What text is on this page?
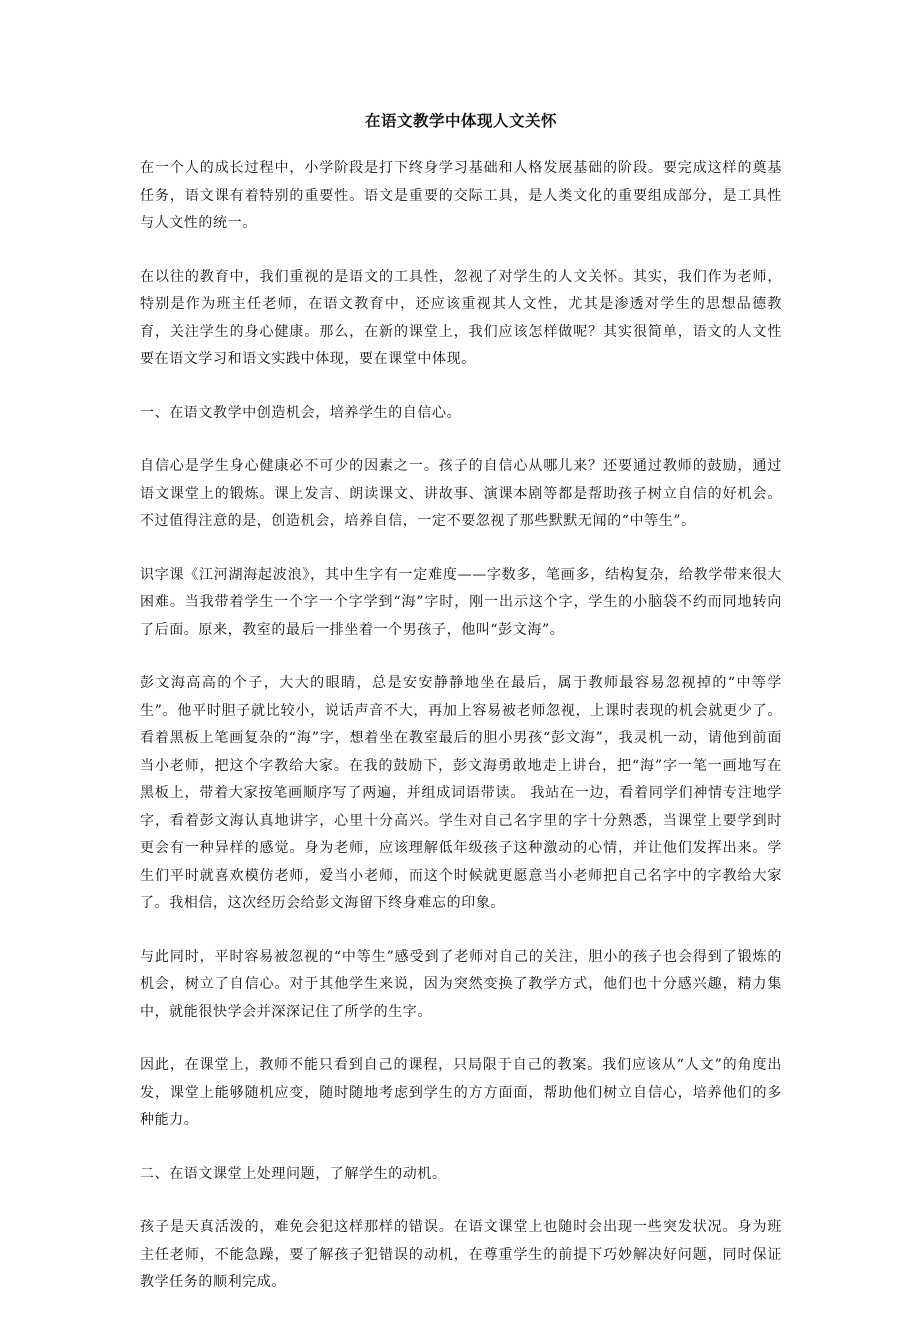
在语文教学中体现人文关怀

在一个人的成长过程中，小学阶段是打下终身学习基础和人格发展基础的阶段。要完成这样的奠基任务，语文课有着特别的重要性。语文是重要的交际工具，是人类文化的重要组成部分，是工具性与人文性的统一。

在以往的教育中，我们重视的是语文的工具性，忽视了对学生的人文关怀。其实，我们作为老师，特别是作为班主任老师，在语文教育中，还应该重视其人文性，尤其是渗透对学生的思想品德教育，关注学生的身心健康。那么，在新的课堂上，我们应该怎样做呢？其实很简单，语文的人文性要在语文学习和语文实践中体现，要在课堂中体现。

一、在语文教学中创造机会，培养学生的自信心。

自信心是学生身心健康必不可少的因素之一。孩子的自信心从哪儿来？还要通过教师的鼓励，通过语文课堂上的锻炼。课上发言、朗读课文、讲故事、演课本剧等都是帮助孩子树立自信的好机会。 不过值得注意的是，创造机会，培养自信，一定不要忽视了那些默默无闻的“中等生”。

识字课《江河湖海起波浪》，其中生字有一定难度——字数多，笔画多，结构复杂，给教学带来很大困难。当我带着学生一个字一个字学到“海”字时，刚一出示这个字，学生的小脑袋不约而同地转向了后面。原来，教室的最后一排坐着一个男孩子，他叫“彭文海”。

彭文海高高的个子，大大的眼睛，总是安安静静地坐在最后，属于教师最容易忽视掉的“中等学生”。他平时胆子就比较小，说话声音不大，再加上容易被老师忽视，上课时表现的机会就更少了。 看着黑板上笔画复杂的“海”字，想着坐在教室最后的胆小男孩“彭文海”，我灵机一动，请他到前面当小老师，把这个字教给大家。在我的鼓励下，彭文海勇敢地走上讲台，把“海”字一笔一画地写在黑板上，带着大家按笔画顺序写了两遍，并组成词语带读。 我站在一边，看着同学们神情专注地学字，看着彭文海认真地讲字，心里十分高兴。学生对自己名字里的字十分熟悉，当课堂上要学到时更会有一种异样的感觉。身为老师，应该理解低年级孩子这种激动的心情，并让他们发挥出来。学生们平时就喜欢模仿老师，爱当小老师，而这个时候就更愿意当小老师把自己名字中的字教给大家了。我相信，这次经历会给彭文海留下终身难忘的印象。

与此同时，平时容易被忽视的“中等生”感受到了老师对自己的关注，胆小的孩子也会得到了锻炼的机会，树立了自信心。对于其他学生来说，因为突然变换了教学方式，他们也十分感兴趣，精力集中，就能很快学会并深深记住了所学的生字。

因此，在课堂上，教师不能只看到自己的课程，只局限于自己的教案。我们应该从“人文”的角度出发，课堂上能够随机应变，随时随地考虑到学生的方方面面，帮助他们树立自信心，培养他们的多种能力。

二、在语文课堂上处理问题，了解学生的动机。

孩子是天真活泼的，难免会犯这样那样的错误。在语文课堂上也随时会出现一些突发状况。身为班主任老师，不能急躁，要了解孩子犯错误的动机，在尊重学生的前提下巧妙解决好问题，同时保证教学任务的顺利完成。
